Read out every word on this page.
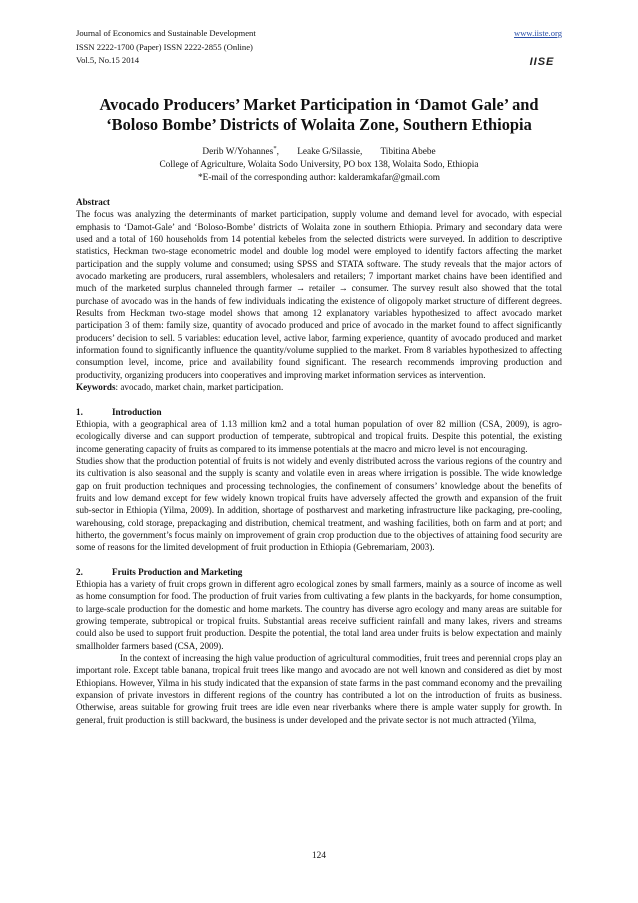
Journal of Economics and Sustainable Development
ISSN 2222-1700 (Paper) ISSN 2222-2855 (Online)
Vol.5, No.15 2014
www.iiste.org
IISE
Avocado Producers’ Market Participation in ‘Damot Gale’ and
‘Boloso Bombe’ Districts of Wolaita Zone, Southern Ethiopia
Derib W/Yohannes*, Leake G/Silassie, Tibitina Abebe
College of Agriculture, Wolaita Sodo University, PO box 138, Wolaita Sodo, Ethiopia
*E-mail of the corresponding author: kalderamkafar@gmail.com

Abstract

The focus was analyzing the determinants of market participation, supply volume and demand level for avocado, with especial emphasis to ‘Damot-Gale’ and ‘Boloso-Bombe’ districts of Wolaita zone in southern Ethiopia. Primary and secondary data were used and a total of 160 households from 14 potential kebeles from the selected districts were surveyed. In addition to descriptive statistics, Heckman two-stage econometric model and double log model were employed to identify factors affecting the market participation and the supply volume and consumed; using SPSS and STATA software. The study reveals that the major actors of avocado marketing are producers, rural assemblers, wholesalers and retailers; 7 important market chains have been identified and much of the marketed surplus channeled through farmer → retailer → consumer. The survey result also showed that the total purchase of avocado was in the hands of few individuals indicating the existence of oligopoly market structure of different degrees. Results from Heckman two-stage model shows that among 12 explanatory variables hypothesized to affect avocado market participation 3 of them: family size, quantity of avocado produced and price of avocado in the market found to affect significantly producers’ decision to sell. 5 variables: education level, active labor, farming experience, quantity of avocado produced and market information found to significantly influence the quantity/volume supplied to the market. From 8 variables hypothesized to affecting consumption level, income, price and availability found significant. The research recommends improving production and productivity, organizing producers into cooperatives and improving market information services as intervention.

Keywords: avocado, market chain, market participation.

1.	Introduction

Ethiopia, with a geographical area of 1.13 million km2 and a total human population of over 82 million (CSA, 2009), is agro-ecologically diverse and can support production of temperate, subtropical and tropical fruits. Despite this potential, the existing income generating capacity of fruits as compared to its immense potentials at the macro and micro level is not encouraging.

Studies show that the production potential of fruits is not widely and evenly distributed across the various regions of the country and its cultivation is also seasonal and the supply is scanty and volatile even in areas where irrigation is possible. The wide knowledge gap on fruit production techniques and processing technologies, the confinement of consumers’ knowledge about the benefits of fruits and low demand except for few widely known tropical fruits have adversely affected the growth and expansion of the fruit sub-sector in Ethiopia (Yilma, 2009). In addition, shortage of postharvest and marketing infrastructure like packaging, pre-cooling, warehousing, cold storage, prepackaging and distribution, chemical treatment, and washing facilities, both on farm and at port; and hitherto, the government’s focus mainly on improvement of grain crop production due to the objectives of attaining food security are some of reasons for the limited development of fruit production in Ethiopia (Gebremariam, 2003).

2.	Fruits Production and Marketing

Ethiopia has a variety of fruit crops grown in different agro ecological zones by small farmers, mainly as a source of income as well as home consumption for food. The production of fruit varies from cultivating a few plants in the backyards, for home consumption, to large-scale production for the domestic and home markets. The country has diverse agro ecology and many areas are suitable for growing temperate, subtropical or tropical fruits. Substantial areas receive sufficient rainfall and many lakes, rivers and streams could also be used to support fruit production. Despite the potential, the total land area under fruits is below expectation and mainly smallholder farmers based (CSA, 2009).

In the context of increasing the high value production of agricultural commodities, fruit trees and perennial crops play an important role. Except table banana, tropical fruit trees like mango and avocado are not well known and considered as diet by most Ethiopians. However, Yilma in his study indicated that the expansion of state farms in the past command economy and the prevailing expansion of private investors in different regions of the country has contributed a lot on the introduction of fruits as business. Otherwise, areas suitable for growing fruit trees are idle even near riverbanks where there is ample water supply for growth. In general, fruit production is still backward, the business is under developed and the private sector is not much attracted (Yilma,

124
